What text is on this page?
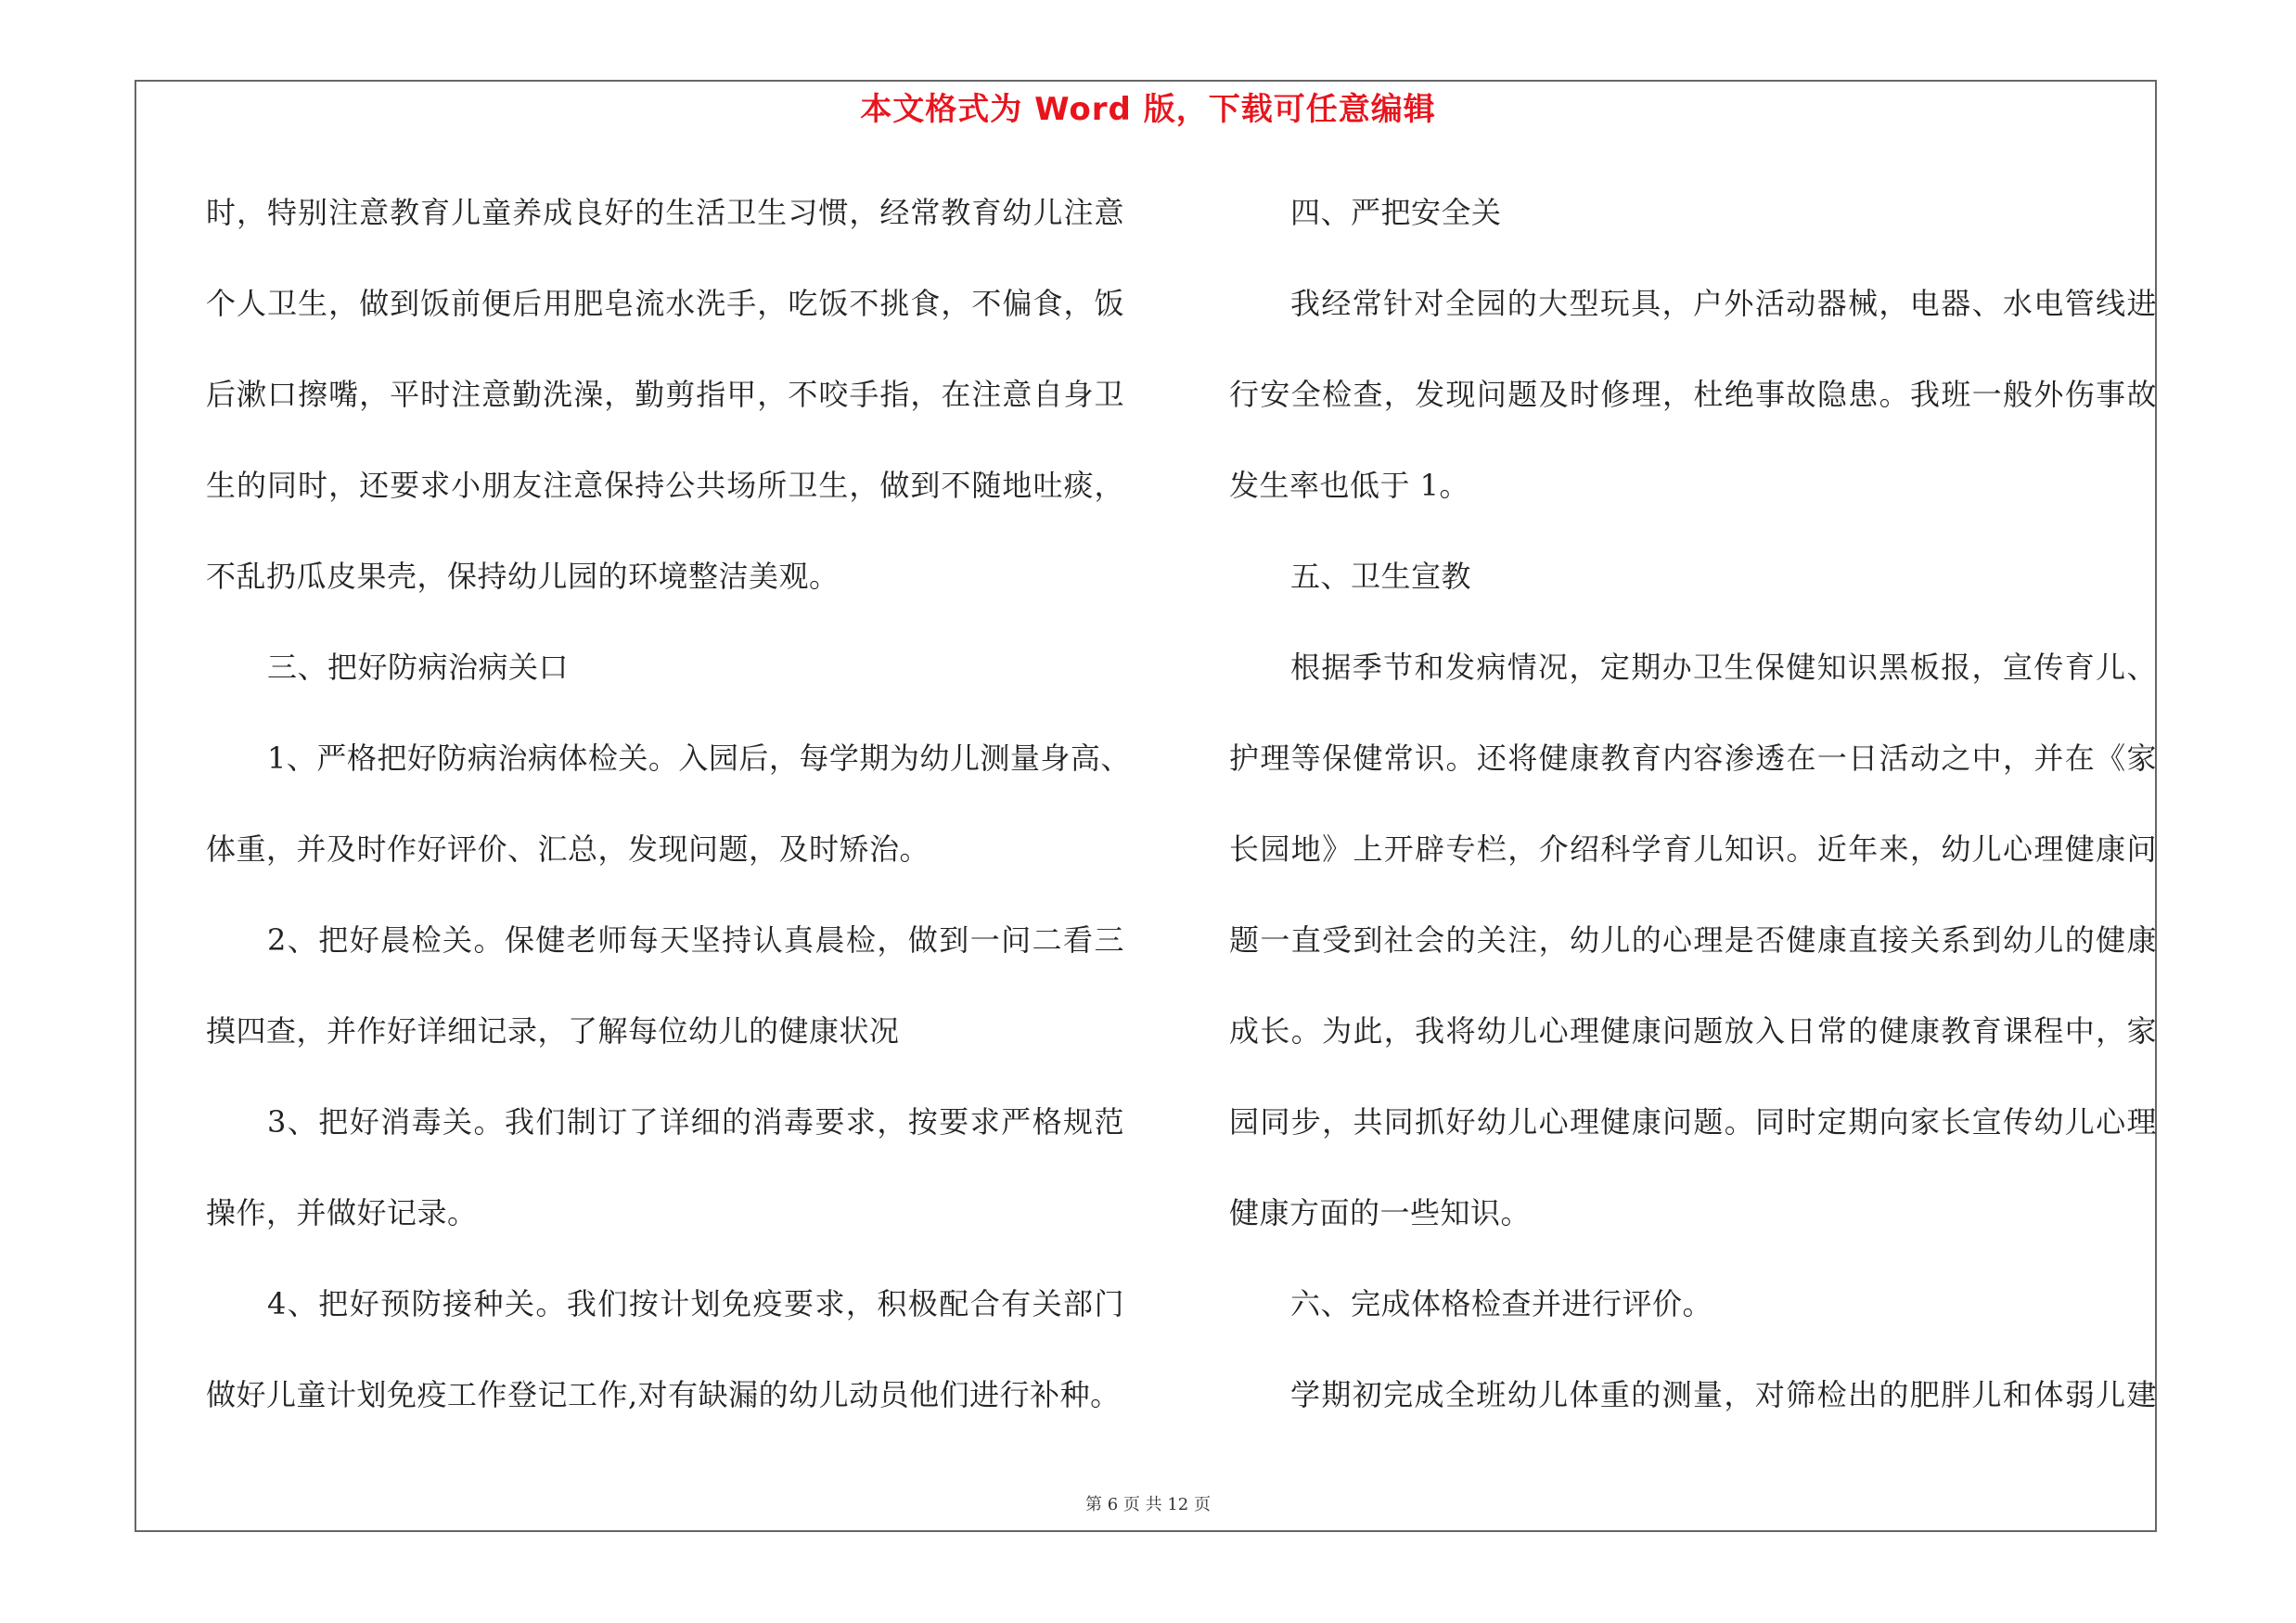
本文格式为 Word 版，下载可任意编辑
时，特别注意教育儿童养成良好的生活卫生习惯，经常教育幼儿注意
个人卫生，做到饭前便后用肥皂流水洗手，吃饭不挑食，不偏食，饭
后漱口擦嘴，平时注意勤洗澡，勤剪指甲，不咬手指，在注意自身卫
生的同时，还要求小朋友注意保持公共场所卫生，做到不随地吐痰，
不乱扔瓜皮果壳，保持幼儿园的环境整洁美观。
三、把好防病治病关口
1、严格把好防病治病体检关。入园后，每学期为幼儿测量身高、
体重，并及时作好评价、汇总，发现问题，及时矫治。
2、把好晨检关。保健老师每天坚持认真晨检，做到一问二看三
摸四查，并作好详细记录，了解每位幼儿的健康状况
3、把好消毒关。我们制订了详细的消毒要求，按要求严格规范
操作，并做好记录。
4、把好预防接种关。我们按计划免疫要求，积极配合有关部门
做好儿童计划免疫工作登记工作,对有缺漏的幼儿动员他们进行补种。
四、严把安全关
我经常针对全园的大型玩具，户外活动器械，电器、水电管线进
行安全检查，发现问题及时修理，杜绝事故隐患。我班一般外伤事故
发生率也低于 1。
五、卫生宣教
根据季节和发病情况，定期办卫生保健知识黑板报，宣传育儿、
护理等保健常识。还将健康教育内容渗透在一日活动之中，并在《家
长园地》上开辟专栏，介绍科学育儿知识。近年来，幼儿心理健康问
题一直受到社会的关注，幼儿的心理是否健康直接关系到幼儿的健康
成长。为此，我将幼儿心理健康问题放入日常的健康教育课程中，家
园同步，共同抓好幼儿心理健康问题。同时定期向家长宣传幼儿心理
健康方面的一些知识。
六、完成体格检查并进行评价。
学期初完成全班幼儿体重的测量，对筛检出的肥胖儿和体弱儿建
第 6 页 共 12 页
